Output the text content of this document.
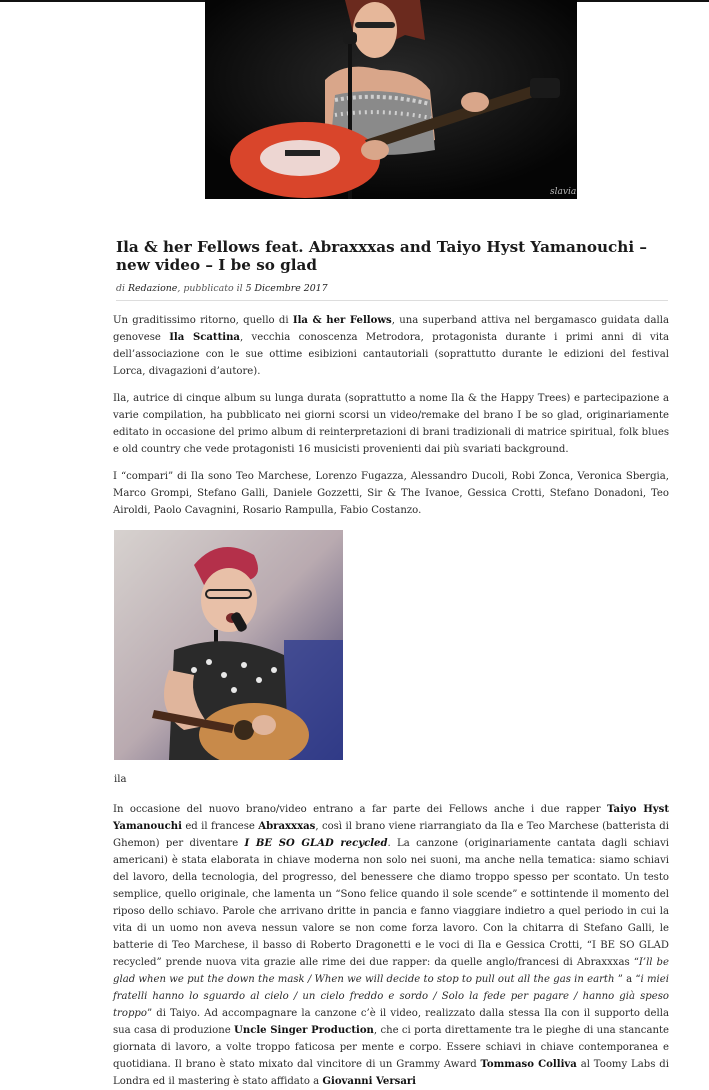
slavia
Ila & her Fellows feat. Abraxxxas and Taiyo Hyst Yamanouchi – new video – I be so glad
di Redazione, pubblicato il 5 Dicembre 2017

Un graditissimo ritorno, quello di Ila & her Fellows, una superband attiva nel bergamasco guidata dalla genovese Ila Scattina, vecchia conoscenza Metrodora, protagonista durante i primi anni di vita dell’associazione con le sue ottime esibizioni cantautoriali (soprattutto durante le edizioni del festival Lorca, divagazioni d’autore).

Ila, autrice di cinque album su lunga durata (soprattutto a nome Ila & the Happy Trees) e partecipazione a varie compilation, ha pubblicato nei giorni scorsi un video/remake del brano I be so glad, originariamente editato in occasione del primo album di reinterpretazioni di brani tradizionali di matrice spiritual, folk blues e old country che vede protagonisti 16 musicisti provenienti dai più svariati background.

I “compari” di Ila sono Teo Marchese, Lorenzo Fugazza, Alessandro Ducoli, Robi Zonca, Veronica Sbergia, Marco Grompi, Stefano Galli, Daniele Gozzetti, Sir & The Ivanoe, Gessica Crotti, Stefano Donadoni, Teo Airoldi, Paolo Cavagnini, Rosario Rampulla, Fabio Costanzo.

ila

In occasione del nuovo brano/video entrano a far parte dei Fellows anche i due rapper Taiyo Hyst Yamanouchi ed il francese Abraxxxas, così il brano viene riarrangiato da Ila e Teo Marchese (batterista di Ghemon) per diventare I BE SO GLAD recycled. La canzone (originariamente cantata dagli schiavi americani) è stata elaborata in chiave moderna non solo nei suoni, ma anche nella tematica: siamo schiavi del lavoro, della tecnologia, del progresso, del benessere che diamo troppo spesso per scontato. Un testo semplice, quello originale, che lamenta un “Sono felice quando il sole scende” e sottintende il momento del riposo dello schiavo. Parole che arrivano dritte in pancia e fanno viaggiare indietro a quel periodo in cui la vita di un uomo non aveva nessun valore se non come forza lavoro. Con la chitarra di Stefano Galli, le batterie di Teo Marchese, il basso di Roberto Dragonetti e le voci di Ila e Gessica Crotti, “I BE SO GLAD recycled” prende nuova vita grazie alle rime dei due rapper: da quelle anglo/francesi di Abraxxxas “I’ll be glad when we put the down the mask / When we will decide to stop to pull out all the gas in earth ” a “i miei fratelli hanno lo sguardo al cielo / un cielo freddo e sordo / Solo la fede per pagare / hanno già speso troppo” di Taiyo. Ad accompagnare la canzone c’è il video, realizzato dalla stessa Ila con il supporto della sua casa di produzione Uncle Singer Production, che ci porta direttamente tra le pieghe di una stancante giornata di lavoro, a volte troppo faticosa per mente e corpo. Essere schiavi in chiave contemporanea e quotidiana. Il brano è stato mixato dal vincitore di un Grammy Award Tommaso Colliva al Toomy Labs di Londra ed il mastering è stato affidato a Giovanni Versari
